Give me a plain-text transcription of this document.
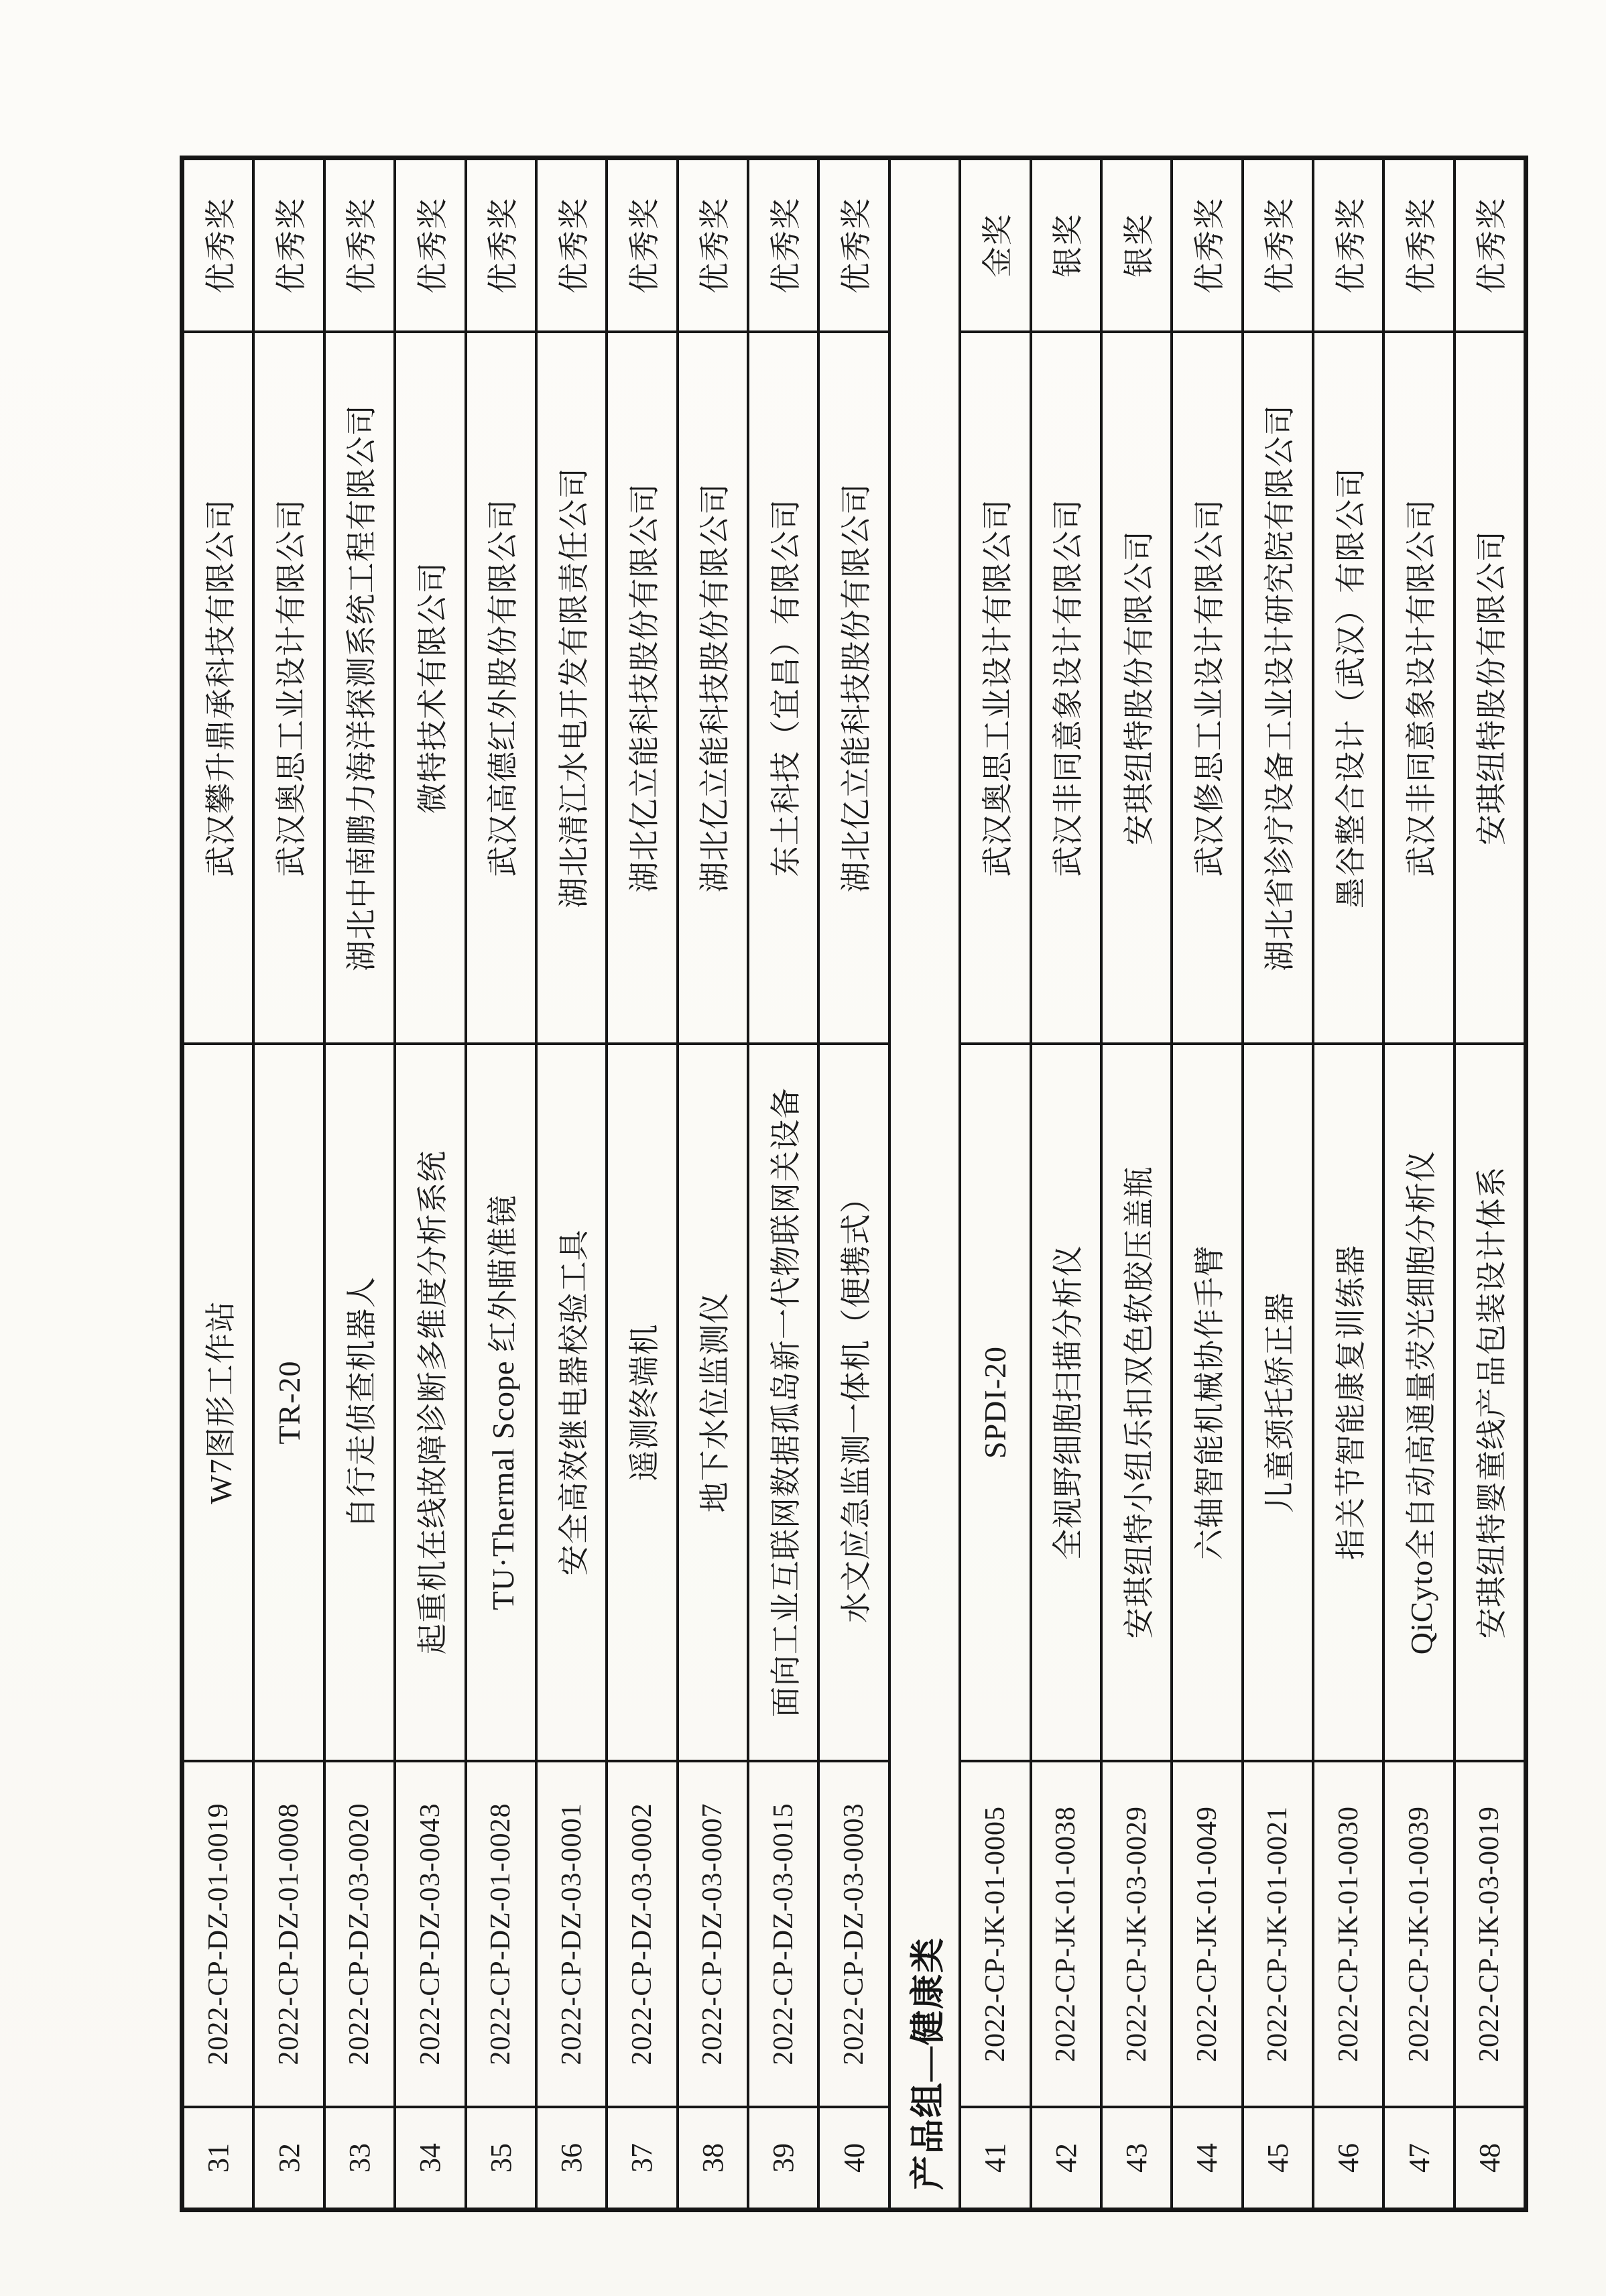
31
2022-CP-DZ-01-0019
W7图形工作站
武汉攀升鼎承科技有限公司
优秀奖
32
2022-CP-DZ-01-0008
TR-20
武汉奥思工业设计有限公司
优秀奖
33
2022-CP-DZ-03-0020
自行走侦查机器人
湖北中南鹏力海洋探测系统工程有限公司
优秀奖
34
2022-CP-DZ-03-0043
起重机在线故障诊断多维度分析系统
微特技术有限公司
优秀奖
35
2022-CP-DZ-01-0028
TU·Thermal Scope 红外瞄准镜
武汉高德红外股份有限公司
优秀奖
36
2022-CP-DZ-03-0001
安全高效继电器校验工具
湖北清江水电开发有限责任公司
优秀奖
37
2022-CP-DZ-03-0002
遥测终端机
湖北亿立能科技股份有限公司
优秀奖
38
2022-CP-DZ-03-0007
地下水位监测仪
湖北亿立能科技股份有限公司
优秀奖
39
2022-CP-DZ-03-0015
面向工业互联网数据孤岛新一代物联网关设备
东土科技（宜昌）有限公司
优秀奖
40
2022-CP-DZ-03-0003
水文应急监测一体机（便携式）
湖北亿立能科技股份有限公司
优秀奖
产品组—健康类	41
2022-CP-JK-01-0005
SPDI-20
武汉奥思工业设计有限公司
金奖
42
2022-CP-JK-01-0038
全视野细胞扫描分析仪
武汉非同意象设计有限公司
银奖
43
2022-CP-JK-03-0029
安琪纽特小纽乐扣双色软胶压盖瓶
安琪纽特股份有限公司
银奖
44
2022-CP-JK-01-0049
六轴智能机械协作手臂
武汉修思工业设计有限公司
优秀奖
45
2022-CP-JK-01-0021
儿童颈托矫正器
湖北省诊疗设备工业设计研究院有限公司
优秀奖
46
2022-CP-JK-01-0030
指关节智能康复训练器
墨谷整合设计（武汉）有限公司
优秀奖
47
2022-CP-JK-01-0039
QiCyto全自动高通量荧光细胞分析仪
武汉非同意象设计有限公司
优秀奖
48
2022-CP-JK-03-0019
安琪纽特婴童线产品包装设计体系
安琪纽特股份有限公司
优秀奖
